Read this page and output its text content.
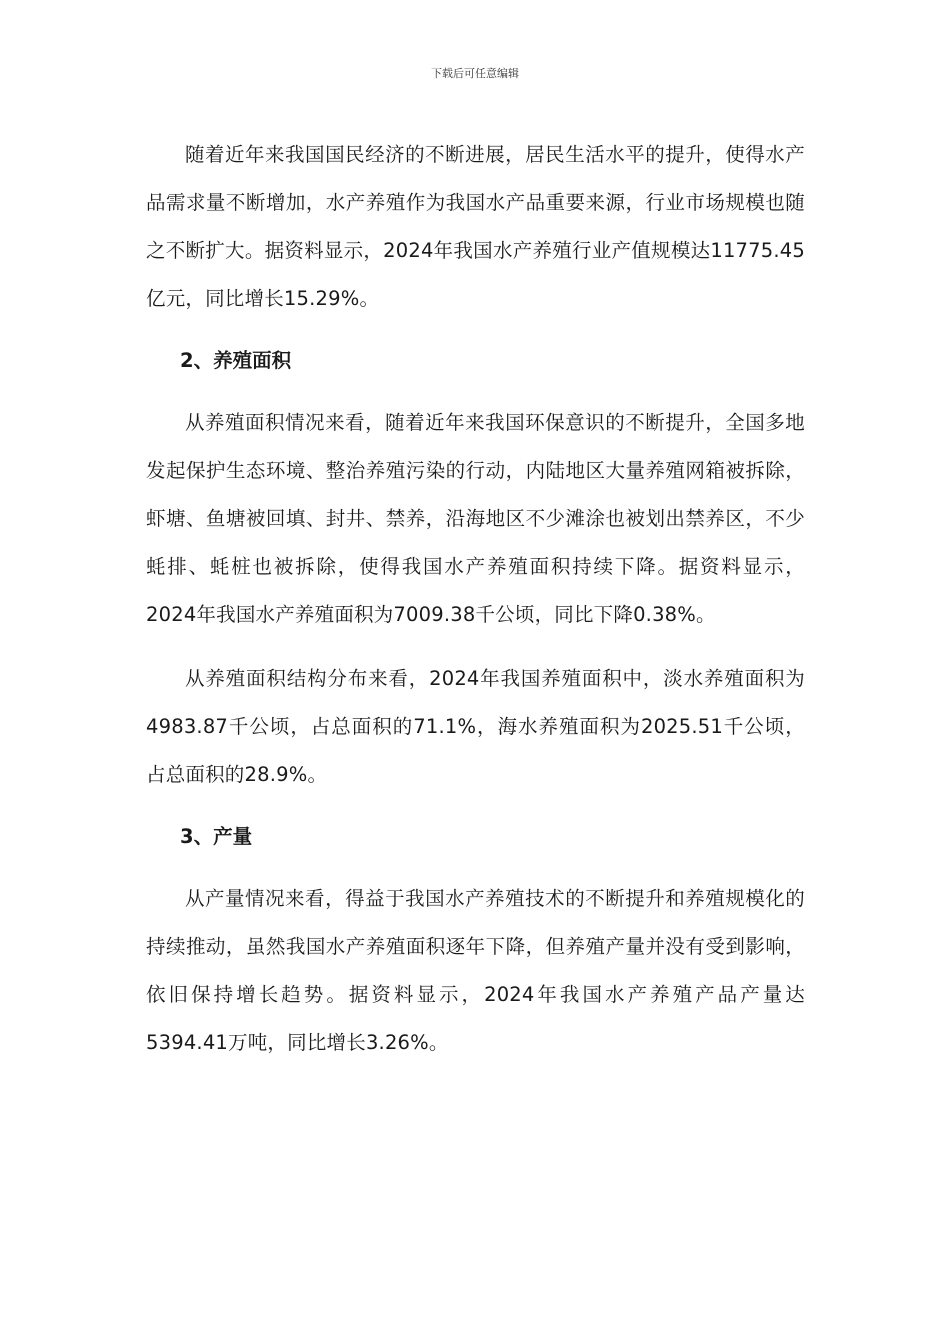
下载后可任意编辑

随着近年来我国国民经济的不断进展，居民生活水平的提升，使得水产品需求量不断增加，水产养殖作为我国水产品重要来源，行业市场规模也随之不断扩大。据资料显示，2024年我国水产养殖行业产值规模达11775.45亿元，同比增长15.29%。

2、养殖面积

从养殖面积情况来看，随着近年来我国环保意识的不断提升，全国多地发起保护生态环境、整治养殖污染的行动，内陆地区大量养殖网箱被拆除，虾塘、鱼塘被回填、封井、禁养，沿海地区不少滩涂也被划出禁养区，不少蚝排、蚝桩也被拆除，使得我国水产养殖面积持续下降。据资料显示，2024年我国水产养殖面积为7009.38千公顷，同比下降0.38%。

从养殖面积结构分布来看，2024年我国养殖面积中，淡水养殖面积为4983.87千公顷，占总面积的71.1%，海水养殖面积为2025.51千公顷，占总面积的28.9%。

3、产量

从产量情况来看，得益于我国水产养殖技术的不断提升和养殖规模化的持续推动，虽然我国水产养殖面积逐年下降，但养殖产量并没有受到影响，依旧保持增长趋势。据资料显示，2024年我国水产养殖产品产量达5394.41万吨，同比增长3.26%。
